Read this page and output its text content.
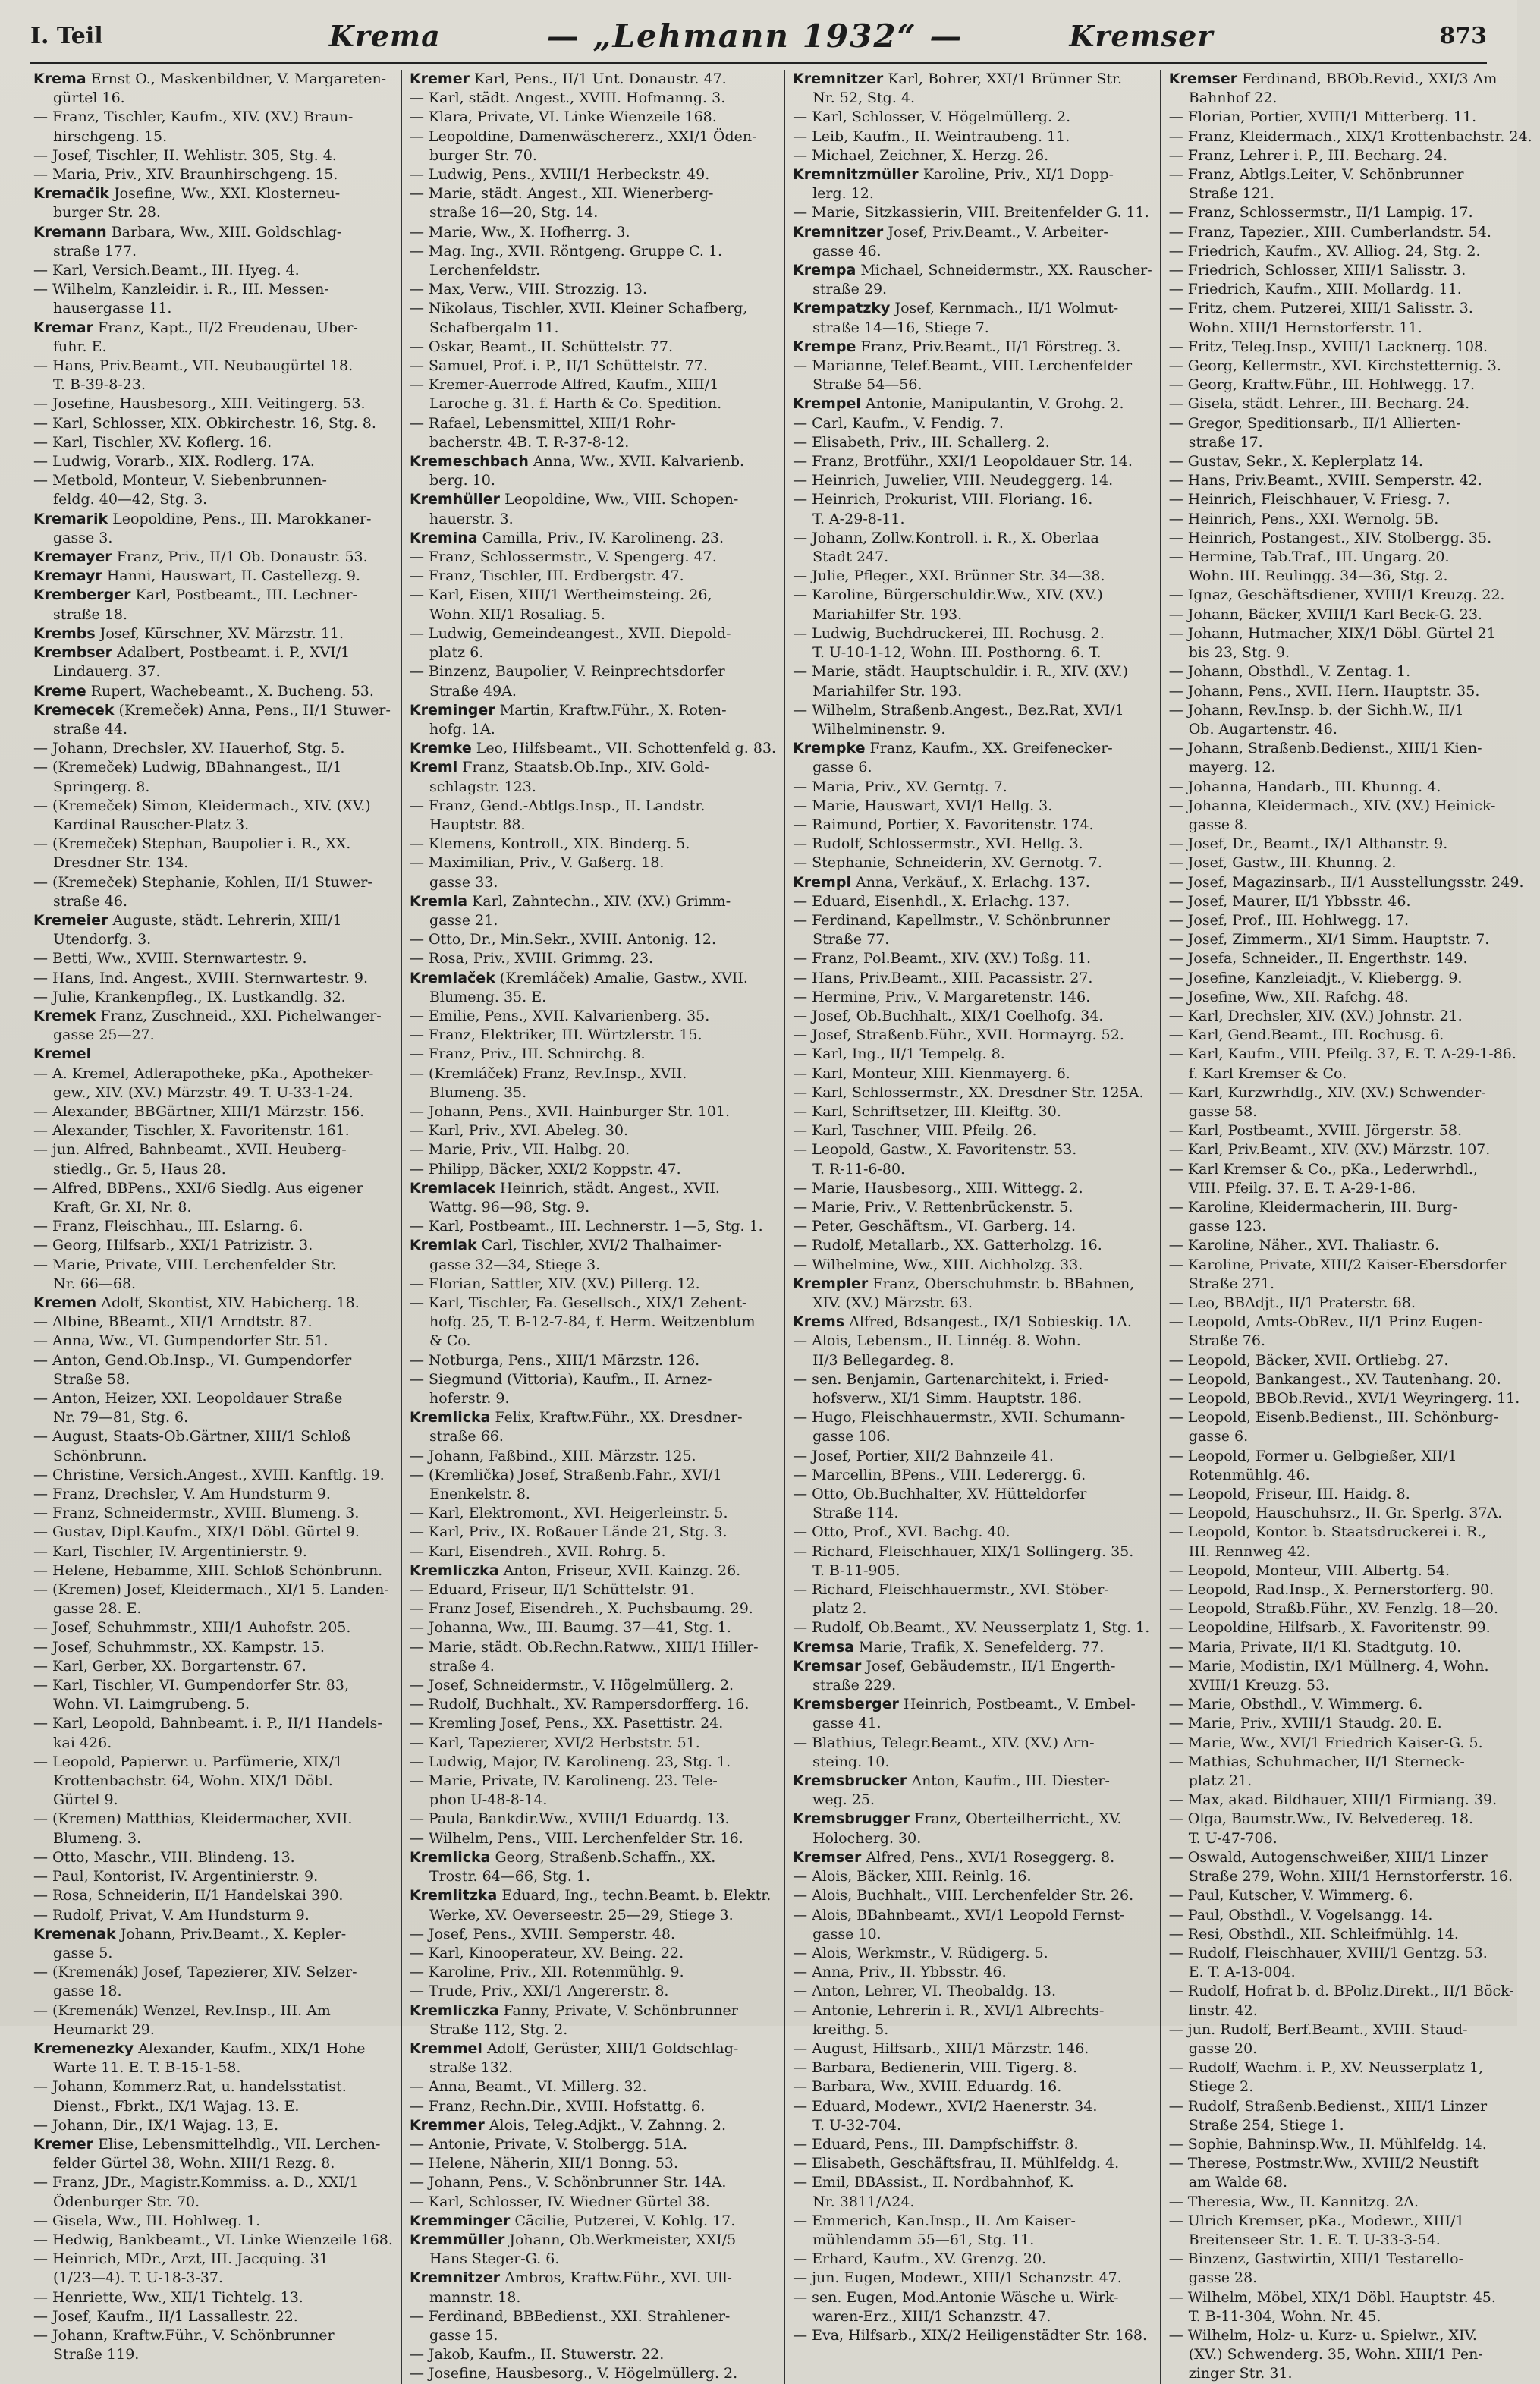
I. Teil	Krema	— „Lehmann 1932“ —	Kremser	873
Krema Ernst O., Maskenbildner, V. Margareten-
gürtel 16.
— Franz, Tischler, Kaufm., XIV. (XV.) Braun-
hirschgeng. 15.
— Josef, Tischler, II. Wehlistr. 305, Stg. 4.
— Maria, Priv., XIV. Braunhirschgeng. 15.
Kremačik Josefine, Ww., XXI. Klosterneu-
burger Str. 28.
Kremann Barbara, Ww., XIII. Goldschlag-
straße 177.
— Karl, Versich.Beamt., III. Hyeg. 4.
— Wilhelm, Kanzleidir. i. R., III. Messen-
hausergasse 11.
Kremar Franz, Kapt., II/2 Freudenau, Uber-
fuhr. E.
— Hans, Priv.Beamt., VII. Neubaugürtel 18.
T. B-39-8-23.
— Josefine, Hausbesorg., XIII. Veitingerg. 53.
— Karl, Schlosser, XIX. Obkirchestr. 16, Stg. 8.
— Karl, Tischler, XV. Koflerg. 16.
— Ludwig, Vorarb., XIX. Rodlerg. 17A.
— Metbold, Monteur, V. Siebenbrunnen-
feldg. 40—42, Stg. 3.
Kremarik Leopoldine, Pens., III. Marokkaner-
gasse 3.
Kremayer Franz, Priv., II/1 Ob. Donaustr. 53.
Kremayr Hanni, Hauswart, II. Castellezg. 9.
Kremberger Karl, Postbeamt., III. Lechner-
straße 18.
Krembs Josef, Kürschner, XV. Märzstr. 11.
Krembser Adalbert, Postbeamt. i. P., XVI/1
Lindauerg. 37.
Kreme Rupert, Wachebeamt., X. Bucheng. 53.
Kremecek (Kremeček) Anna, Pens., II/1 Stuwer-
straße 44.
— Johann, Drechsler, XV. Hauerhof, Stg. 5.
— (Kremeček) Ludwig, BBahnangest., II/1
Springerg. 8.
— (Kremeček) Simon, Kleidermach., XIV. (XV.)
Kardinal Rauscher-Platz 3.
— (Kremeček) Stephan, Baupolier i. R., XX.
Dresdner Str. 134.
— (Kremeček) Stephanie, Kohlen, II/1 Stuwer-
straße 46.
Kremeier Auguste, städt. Lehrerin, XIII/1
Utendorfg. 3.
— Betti, Ww., XVIII. Sternwartestr. 9.
— Hans, Ind. Angest., XVIII. Sternwartestr. 9.
— Julie, Krankenpfleg., IX. Lustkandlg. 32.
Kremek Franz, Zuschneid., XXI. Pichelwanger-
gasse 25—27.
Kremel
— A. Kremel, Adlerapotheke, pKa., Apotheker-
gew., XIV. (XV.) Märzstr. 49. T. U-33-1-24.
— Alexander, BBGärtner, XIII/1 Märzstr. 156.
— Alexander, Tischler, X. Favoritenstr. 161.
— jun. Alfred, Bahnbeamt., XVII. Heuberg-
stiedlg., Gr. 5, Haus 28.
— Alfred, BBPens., XXI/6 Siedlg. Aus eigener
Kraft, Gr. XI, Nr. 8.
— Franz, Fleischhau., III. Eslarng. 6.
— Georg, Hilfsarb., XXI/1 Patrizistr. 3.
— Marie, Private, VIII. Lerchenfelder Str.
Nr. 66—68.
Kremen Adolf, Skontist, XIV. Habicherg. 18.
— Albine, BBeamt., XII/1 Arndtstr. 87.
— Anna, Ww., VI. Gumpendorfer Str. 51.
— Anton, Gend.Ob.Insp., VI. Gumpendorfer
Straße 58.
— Anton, Heizer, XXI. Leopoldauer Straße
Nr. 79—81, Stg. 6.
— August, Staats-Ob.Gärtner, XIII/1 Schloß
Schönbrunn.
— Christine, Versich.Angest., XVIII. Kanftlg. 19.
— Franz, Drechsler, V. Am Hundsturm 9.
— Franz, Schneidermstr., XVIII. Blumeng. 3.
— Gustav, Dipl.Kaufm., XIX/1 Döbl. Gürtel 9.
— Karl, Tischler, IV. Argentinierstr. 9.
— Helene, Hebamme, XIII. Schloß Schönbrunn.
— (Kremen) Josef, Kleidermach., XI/1 5. Landen-
gasse 28. E.
— Josef, Schuhmmstr., XIII/1 Auhofstr. 205.
— Josef, Schuhmmstr., XX. Kampstr. 15.
— Karl, Gerber, XX. Borgartenstr. 67.
— Karl, Tischler, VI. Gumpendorfer Str. 83,
Wohn. VI. Laimgrubeng. 5.
— Karl, Leopold, Bahnbeamt. i. P., II/1 Handels-
kai 426.
— Leopold, Papierwr. u. Parfümerie, XIX/1
Krottenbachstr. 64, Wohn. XIX/1 Döbl.
Gürtel 9.
— (Kremen) Matthias, Kleidermacher, XVII.
Blumeng. 3.
— Otto, Maschr., VIII. Blindeng. 13.
— Paul, Kontorist, IV. Argentinierstr. 9.
— Rosa, Schneiderin, II/1 Handelskai 390.
— Rudolf, Privat, V. Am Hundsturm 9.
Kremenak Johann, Priv.Beamt., X. Kepler-
gasse 5.
— (Kremenák) Josef, Tapezierer, XIV. Selzer-
gasse 18.
— (Kremenák) Wenzel, Rev.Insp., III. Am
Heumarkt 29.
Kremenezky Alexander, Kaufm., XIX/1 Hohe
Warte 11. E. T. B-15-1-58.
— Johann, Kommerz.Rat, u. handelsstatist.
Dienst., Fbrkt., IX/1 Wajag. 13. E.
— Johann, Dir., IX/1 Wajag. 13, E.
Kremer Elise, Lebensmittelhdlg., VII. Lerchen-
felder Gürtel 38, Wohn. XIII/1 Rezg. 8.
— Franz, JDr., Magistr.Kommiss. a. D., XXI/1
Ödenburger Str. 70.
— Gisela, Ww., III. Hohlweg. 1.
— Hedwig, Bankbeamt., VI. Linke Wienzeile 168.
— Heinrich, MDr., Arzt, III. Jacquing. 31
(1/23—4). T. U-18-3-37.
— Henriette, Ww., XII/1 Tichtelg. 13.
— Josef, Kaufm., II/1 Lassallestr. 22.
— Johann, Kraftw.Führ., V. Schönbrunner
Straße 119.
Kremer Karl, Pens., II/1 Unt. Donaustr. 47.
— Karl, städt. Angest., XVIII. Hofmanng. 3.
— Klara, Private, VI. Linke Wienzeile 168.
— Leopoldine, Damenwäschererz., XXI/1 Öden-
burger Str. 70.
— Ludwig, Pens., XVIII/1 Herbeckstr. 49.
— Marie, städt. Angest., XII. Wienerberg-
straße 16—20, Stg. 14.
— Marie, Ww., X. Hofherrg. 3.
— Mag. Ing., XVII. Röntgeng. Gruppe C. 1.
Lerchenfeldstr.
— Max, Verw., VIII. Strozzig. 13.
— Nikolaus, Tischler, XVII. Kleiner Schafberg,
Schafbergalm 11.
— Oskar, Beamt., II. Schüttelstr. 77.
— Samuel, Prof. i. P., II/1 Schüttelstr. 77.
— Kremer-Auerrode Alfred, Kaufm., XIII/1
Laroche g. 31. f. Harth & Co. Spedition.
— Rafael, Lebensmittel, XIII/1 Rohr-
bacherstr. 4B. T. R-37-8-12.
Kremeschbach Anna, Ww., XVII. Kalvarienb.
berg. 10.
Kremhüller Leopoldine, Ww., VIII. Schopen-
hauerstr. 3.
Kremina Camilla, Priv., IV. Karolineng. 23.
— Franz, Schlossermstr., V. Spengerg. 47.
— Franz, Tischler, III. Erdbergstr. 47.
— Karl, Eisen, XIII/1 Wertheimsteing. 26,
Wohn. XII/1 Rosaliag. 5.
— Ludwig, Gemeindeangest., XVII. Diepold-
platz 6.
— Binzenz, Baupolier, V. Reinprechtsdorfer
Straße 49A.
Kreminger Martin, Kraftw.Führ., X. Roten-
hofg. 1A.
Kremke Leo, Hilfsbeamt., VII. Schottenfeld g. 83.
Kreml Franz, Staatsb.Ob.Inp., XIV. Gold-
schlagstr. 123.
— Franz, Gend.-Abtlgs.Insp., II. Landstr.
Hauptstr. 88.
— Klemens, Kontroll., XIX. Binderg. 5.
— Maximilian, Priv., V. Gaßerg. 18.
gasse 33.
Kremla Karl, Zahntechn., XIV. (XV.) Grimm-
gasse 21.
— Otto, Dr., Min.Sekr., XVIII. Antonig. 12.
— Rosa, Priv., XVIII. Grimmg. 23.
Kremlaček (Kremláček) Amalie, Gastw., XVII.
Blumeng. 35. E.
— Emilie, Pens., XVII. Kalvarienberg. 35.
— Franz, Elektriker, III. Würtzlerstr. 15.
— Franz, Priv., III. Schnirchg. 8.
— (Kremláček) Franz, Rev.Insp., XVII.
Blumeng. 35.
— Johann, Pens., XVII. Hainburger Str. 101.
— Karl, Priv., XVI. Abeleg. 30.
— Marie, Priv., VII. Halbg. 20.
— Philipp, Bäcker, XXI/2 Koppstr. 47.
Kremlacek Heinrich, städt. Angest., XVII.
Wattg. 96—98, Stg. 9.
— Karl, Postbeamt., III. Lechnerstr. 1—5, Stg. 1.
Kremlak Carl, Tischler, XVI/2 Thalhaimer-
gasse 32—34, Stiege 3.
— Florian, Sattler, XIV. (XV.) Pillerg. 12.
— Karl, Tischler, Fa. Gesellsch., XIX/1 Zehent-
hofg. 25, T. B-12-7-84, f. Herm. Weitzenblum
& Co.
— Notburga, Pens., XIII/1 Märzstr. 126.
— Siegmund (Vittoria), Kaufm., II. Arnez-
hoferstr. 9.
Kremlicka Felix, Kraftw.Führ., XX. Dresdner-
straße 66.
— Johann, Faßbind., XIII. Märzstr. 125.
— (Kremlička) Josef, Straßenb.Fahr., XVI/1
Enenkelstr. 8.
— Karl, Elektromont., XVI. Heigerleinstr. 5.
— Karl, Priv., IX. Roßauer Lände 21, Stg. 3.
— Karl, Eisendreh., XVII. Rohrg. 5.
Kremliczka Anton, Friseur, XVII. Kainzg. 26.
— Eduard, Friseur, II/1 Schüttelstr. 91.
— Franz Josef, Eisendreh., X. Puchsbaumg. 29.
— Johanna, Ww., III. Baumg. 37—41, Stg. 1.
— Marie, städt. Ob.Rechn.Ratww., XIII/1 Hiller-
straße 4.
— Josef, Schneidermstr., V. Högelmüllerg. 2.
— Rudolf, Buchhalt., XV. Rampersdorfferg. 16.
— Kremling Josef, Pens., XX. Pasettistr. 24.
— Karl, Tapezierer, XVI/2 Herbststr. 51.
— Ludwig, Major, IV. Karolineng. 23, Stg. 1.
— Marie, Private, IV. Karolineng. 23. Tele-
phon U-48-8-14.
— Paula, Bankdir.Ww., XVIII/1 Eduardg. 13.
— Wilhelm, Pens., VIII. Lerchenfelder Str. 16.
Kremlicka Georg, Straßenb.Schaffn., XX.
Trostr. 64—66, Stg. 1.
Kremlitzka Eduard, Ing., techn.Beamt. b. Elektr.
Werke, XV. Oeverseestr. 25—29, Stiege 3.
— Josef, Pens., XVIII. Semperstr. 48.
— Karl, Kinooperateur, XV. Being. 22.
— Karoline, Priv., XII. Rotenmühlg. 9.
— Trude, Priv., XXI/1 Angererstr. 8.
Kremliczka Fanny, Private, V. Schönbrunner
Straße 112, Stg. 2.
Kremmel Adolf, Gerüster, XIII/1 Goldschlag-
straße 132.
— Anna, Beamt., VI. Millerg. 32.
— Franz, Rechn.Dir., XVIII. Hofstattg. 6.
Kremmer Alois, Teleg.Adjkt., V. Zahnng. 2.
— Antonie, Private, V. Stolbergg. 51A.
— Helene, Näherin, XII/1 Bonng. 53.
— Johann, Pens., V. Schönbrunner Str. 14A.
— Karl, Schlosser, IV. Wiedner Gürtel 38.
Kremminger Cäcilie, Putzerei, V. Kohlg. 17.
Kremmüller Johann, Ob.Werkmeister, XXI/5
Hans Steger-G. 6.
Kremnitzer Ambros, Kraftw.Führ., XVI. Ull-
mannstr. 18.
— Ferdinand, BBBedienst., XXI. Strahlener-
gasse 15.
— Jakob, Kaufm., II. Stuwerstr. 22.
— Josefine, Hausbesorg., V. Högelmüllerg. 2.
Kremnitzer Karl, Bohrer, XXI/1 Brünner Str.
Nr. 52, Stg. 4.
— Karl, Schlosser, V. Högelmüllerg. 2.
— Leib, Kaufm., II. Weintraubeng. 11.
— Michael, Zeichner, X. Herzg. 26.
Kremnitzmüller Karoline, Priv., XI/1 Dopp-
lerg. 12.
— Marie, Sitzkassierin, VIII. Breitenfelder G. 11.
Kremnitzer Josef, Priv.Beamt., V. Arbeiter-
gasse 46.
Krempa Michael, Schneidermstr., XX. Rauscher-
straße 29.
Krempatzky Josef, Kernmach., II/1 Wolmut-
straße 14—16, Stiege 7.
Krempe Franz, Priv.Beamt., II/1 Förstreg. 3.
— Marianne, Telef.Beamt., VIII. Lerchenfelder
Straße 54—56.
Krempel Antonie, Manipulantin, V. Grohg. 2.
— Carl, Kaufm., V. Fendig. 7.
— Elisabeth, Priv., III. Schallerg. 2.
— Franz, Brotführ., XXI/1 Leopoldauer Str. 14.
— Heinrich, Juwelier, VIII. Neudeggerg. 14.
— Heinrich, Prokurist, VIII. Floriang. 16.
T. A-29-8-11.
— Johann, Zollw.Kontroll. i. R., X. Oberlaa
Stadt 247.
— Julie, Pfleger., XXI. Brünner Str. 34—38.
— Karoline, Bürgerschuldir.Ww., XIV. (XV.)
Mariahilfer Str. 193.
— Ludwig, Buchdruckerei, III. Rochusg. 2.
T. U-10-1-12, Wohn. III. Posthorng. 6. T.
— Marie, städt. Hauptschuldir. i. R., XIV. (XV.)
Mariahilfer Str. 193.
— Wilhelm, Straßenb.Angest., Bez.Rat, XVI/1
Wilhelminenstr. 9.
Krempke Franz, Kaufm., XX. Greifenecker-
gasse 6.
— Maria, Priv., XV. Gerntg. 7.
— Marie, Hauswart, XVI/1 Hellg. 3.
— Raimund, Portier, X. Favoritenstr. 174.
— Rudolf, Schlossermstr., XVI. Hellg. 3.
— Stephanie, Schneiderin, XV. Gernotg. 7.
Krempl Anna, Verkäuf., X. Erlachg. 137.
— Eduard, Eisenhdl., X. Erlachg. 137.
— Ferdinand, Kapellmstr., V. Schönbrunner
Straße 77.
— Franz, Pol.Beamt., XIV. (XV.) Toßg. 11.
— Hans, Priv.Beamt., XIII. Pacassistr. 27.
— Hermine, Priv., V. Margaretenstr. 146.
— Josef, Ob.Buchhalt., XIX/1 Coelhofg. 34.
— Josef, Straßenb.Führ., XVII. Hormayrg. 52.
— Karl, Ing., II/1 Tempelg. 8.
— Karl, Monteur, XIII. Kienmayerg. 6.
— Karl, Schlossermstr., XX. Dresdner Str. 125A.
— Karl, Schriftsetzer, III. Kleiftg. 30.
— Karl, Taschner, VIII. Pfeilg. 26.
— Leopold, Gastw., X. Favoritenstr. 53.
T. R-11-6-80.
— Marie, Hausbesorg., XIII. Wittegg. 2.
— Marie, Priv., V. Rettenbrückenstr. 5.
— Peter, Geschäftsm., VI. Garberg. 14.
— Rudolf, Metallarb., XX. Gatterholzg. 16.
— Wilhelmine, Ww., XIII. Aichholzg. 33.
Krempler Franz, Oberschuhmstr. b. BBahnen,
XIV. (XV.) Märzstr. 63.
Krems Alfred, Bdsangest., IX/1 Sobieskig. 1A.
— Alois, Lebensm., II. Linnég. 8. Wohn.
II/3 Bellegardeg. 8.
— sen. Benjamin, Gartenarchitekt, i. Fried-
hofsverw., XI/1 Simm. Hauptstr. 186.
— Hugo, Fleischhauermstr., XVII. Schumann-
gasse 106.
— Josef, Portier, XII/2 Bahnzeile 41.
— Marcellin, BPens., VIII. Lederergg. 6.
— Otto, Ob.Buchhalter, XV. Hütteldorfer
Straße 114.
— Otto, Prof., XVI. Bachg. 40.
— Richard, Fleischhauer, XIX/1 Sollingerg. 35.
T. B-11-905.
— Richard, Fleischhauermstr., XVI. Stöber-
platz 2.
— Rudolf, Ob.Beamt., XV. Neusserplatz 1, Stg. 1.
Kremsa Marie, Trafik, X. Senefelderg. 77.
Kremsar Josef, Gebäudemstr., II/1 Engerth-
straße 229.
Kremsberger Heinrich, Postbeamt., V. Embel-
gasse 41.
— Blathius, Telegr.Beamt., XIV. (XV.) Arn-
steing. 10.
Kremsbrucker Anton, Kaufm., III. Diester-
weg. 25.
Kremsbrugger Franz, Oberteilherricht., XV.
Holocherg. 30.
Kremser Alfred, Pens., XVI/1 Roseggerg. 8.
— Alois, Bäcker, XIII. Reinlg. 16.
— Alois, Buchhalt., VIII. Lerchenfelder Str. 26.
— Alois, BBahnbeamt., XVI/1 Leopold Fernst-
gasse 10.
— Alois, Werkmstr., V. Rüdigerg. 5.
— Anna, Priv., II. Ybbsstr. 46.
— Anton, Lehrer, VI. Theobaldg. 13.
— Antonie, Lehrerin i. R., XVI/1 Albrechts-
kreithg. 5.
— August, Hilfsarb., XIII/1 Märzstr. 146.
— Barbara, Bedienerin, VIII. Tigerg. 8.
— Barbara, Ww., XVIII. Eduardg. 16.
— Eduard, Modewr., XVI/2 Haenerstr. 34.
T. U-32-704.
— Eduard, Pens., III. Dampfschiffstr. 8.
— Elisabeth, Geschäftsfrau, II. Mühlfeldg. 4.
— Emil, BBAssist., II. Nordbahnhof, K.
Nr. 3811/A24.
— Emmerich, Kan.Insp., II. Am Kaiser-
mühlendamm 55—61, Stg. 11.
— Erhard, Kaufm., XV. Grenzg. 20.
— jun. Eugen, Modewr., XIII/1 Schanzstr. 47.
— sen. Eugen, Mod.Antonie Wäsche u. Wirk-
waren-Erz., XIII/1 Schanzstr. 47.
— Eva, Hilfsarb., XIX/2 Heiligenstädter Str. 168.
Kremser Ferdinand, BBOb.Revid., XXI/3 Am
Bahnhof 22.
— Florian, Portier, XVIII/1 Mitterberg. 11.
— Franz, Kleidermach., XIX/1 Krottenbachstr. 24.
— Franz, Lehrer i. P., III. Becharg. 24.
— Franz, Abtlgs.Leiter, V. Schönbrunner
Straße 121.
— Franz, Schlossermstr., II/1 Lampig. 17.
— Franz, Tapezier., XIII. Cumberlandstr. 54.
— Friedrich, Kaufm., XV. Alliog. 24, Stg. 2.
— Friedrich, Schlosser, XIII/1 Salisstr. 3.
— Friedrich, Kaufm., XIII. Mollardg. 11.
— Fritz, chem. Putzerei, XIII/1 Salisstr. 3.
Wohn. XIII/1 Hernstorferstr. 11.
— Fritz, Teleg.Insp., XVIII/1 Lacknerg. 108.
— Georg, Kellermstr., XVI. Kirchstetternig. 3.
— Georg, Kraftw.Führ., III. Hohlwegg. 17.
— Gisela, städt. Lehrer., III. Becharg. 24.
— Gregor, Speditionsarb., II/1 Allierten-
straße 17.
— Gustav, Sekr., X. Keplerplatz 14.
— Hans, Priv.Beamt., XVIII. Semperstr. 42.
— Heinrich, Fleischhauer, V. Friesg. 7.
— Heinrich, Pens., XXI. Wernolg. 5B.
— Heinrich, Postangest., XIV. Stolbergg. 35.
— Hermine, Tab.Traf., III. Ungarg. 20.
Wohn. III. Reulingg. 34—36, Stg. 2.
— Ignaz, Geschäftsdiener, XVIII/1 Kreuzg. 22.
— Johann, Bäcker, XVIII/1 Karl Beck-G. 23.
— Johann, Hutmacher, XIX/1 Döbl. Gürtel 21
bis 23, Stg. 9.
— Johann, Obsthdl., V. Zentag. 1.
— Johann, Pens., XVII. Hern. Hauptstr. 35.
— Johann, Rev.Insp. b. der Sichh.W., II/1
Ob. Augartenstr. 46.
— Johann, Straßenb.Bedienst., XIII/1 Kien-
mayerg. 12.
— Johanna, Handarb., III. Khunng. 4.
— Johanna, Kleidermach., XIV. (XV.) Heinick-
gasse 8.
— Josef, Dr., Beamt., IX/1 Althanstr. 9.
— Josef, Gastw., III. Khunng. 2.
— Josef, Magazinsarb., II/1 Ausstellungsstr. 249.
— Josef, Maurer, II/1 Ybbsstr. 46.
— Josef, Prof., III. Hohlwegg. 17.
— Josef, Zimmerm., XI/1 Simm. Hauptstr. 7.
— Josefa, Schneider., II. Engerthstr. 149.
— Josefine, Kanzleiadjt., V. Kliebergg. 9.
— Josefine, Ww., XII. Rafchg. 48.
— Karl, Drechsler, XIV. (XV.) Johnstr. 21.
— Karl, Gend.Beamt., III. Rochusg. 6.
— Karl, Kaufm., VIII. Pfeilg. 37, E. T. A-29-1-86.
f. Karl Kremser & Co.
— Karl, Kurzwrhdlg., XIV. (XV.) Schwender-
gasse 58.
— Karl, Postbeamt., XVIII. Jörgerstr. 58.
— Karl, Priv.Beamt., XIV. (XV.) Märzstr. 107.
— Karl Kremser & Co., pKa., Lederwrhdl.,
VIII. Pfeilg. 37. E. T. A-29-1-86.
— Karoline, Kleidermacherin, III. Burg-
gasse 123.
— Karoline, Näher., XVI. Thaliastr. 6.
— Karoline, Private, XIII/2 Kaiser-Ebersdorfer
Straße 271.
— Leo, BBAdjt., II/1 Praterstr. 68.
— Leopold, Amts-ObRev., II/1 Prinz Eugen-
Straße 76.
— Leopold, Bäcker, XVII. Ortliebg. 27.
— Leopold, Bankangest., XV. Tautenhang. 20.
— Leopold, BBOb.Revid., XVI/1 Weyringerg. 11.
— Leopold, Eisenb.Bedienst., III. Schönburg-
gasse 6.
— Leopold, Former u. Gelbgießer, XII/1
Rotenmühlg. 46.
— Leopold, Friseur, III. Haidg. 8.
— Leopold, Hauschuhsrz., II. Gr. Sperlg. 37A.
— Leopold, Kontor. b. Staatsdruckerei i. R.,
III. Rennweg 42.
— Leopold, Monteur, VIII. Albertg. 54.
— Leopold, Rad.Insp., X. Pernerstorferg. 90.
— Leopold, Straßb.Führ., XV. Fenzlg. 18—20.
— Leopoldine, Hilfsarb., X. Favoritenstr. 99.
— Maria, Private, II/1 Kl. Stadtgutg. 10.
— Marie, Modistin, IX/1 Müllnerg. 4, Wohn.
XVIII/1 Kreuzg. 53.
— Marie, Obsthdl., V. Wimmerg. 6.
— Marie, Priv., XVIII/1 Staudg. 20. E.
— Marie, Ww., XVI/1 Friedrich Kaiser-G. 5.
— Mathias, Schuhmacher, II/1 Sterneck-
platz 21.
— Max, akad. Bildhauer, XIII/1 Firmiang. 39.
— Olga, Baumstr.Ww., IV. Belvedereg. 18.
T. U-47-706.
— Oswald, Autogenschweißer, XIII/1 Linzer
Straße 279, Wohn. XIII/1 Hernstorferstr. 16.
— Paul, Kutscher, V. Wimmerg. 6.
— Paul, Obsthdl., V. Vogelsangg. 14.
— Resi, Obsthdl., XII. Schleifmühlg. 14.
— Rudolf, Fleischhauer, XVIII/1 Gentzg. 53.
E. T. A-13-004.
— Rudolf, Hofrat b. d. BPoliz.Direkt., II/1 Böck-
linstr. 42.
— jun. Rudolf, Berf.Beamt., XVIII. Staud-
gasse 20.
— Rudolf, Wachm. i. P., XV. Neusserplatz 1,
Stiege 2.
— Rudolf, Straßenb.Bedienst., XIII/1 Linzer
Straße 254, Stiege 1.
— Sophie, Bahninsp.Ww., II. Mühlfeldg. 14.
— Therese, Postmstr.Ww., XVIII/2 Neustift
am Walde 68.
— Theresia, Ww., II. Kannitzg. 2A.
— Ulrich Kremser, pKa., Modewr., XIII/1
Breitenseer Str. 1. E. T. U-33-3-54.
— Binzenz, Gastwirtin, XIII/1 Testarello-
gasse 28.
— Wilhelm, Möbel, XIX/1 Döbl. Hauptstr. 45.
T. B-11-304, Wohn. Nr. 45.
— Wilhelm, Holz- u. Kurz- u. Spielwr., XIV.
(XV.) Schwenderg. 35, Wohn. XIII/1 Pen-
zinger Str. 31.
